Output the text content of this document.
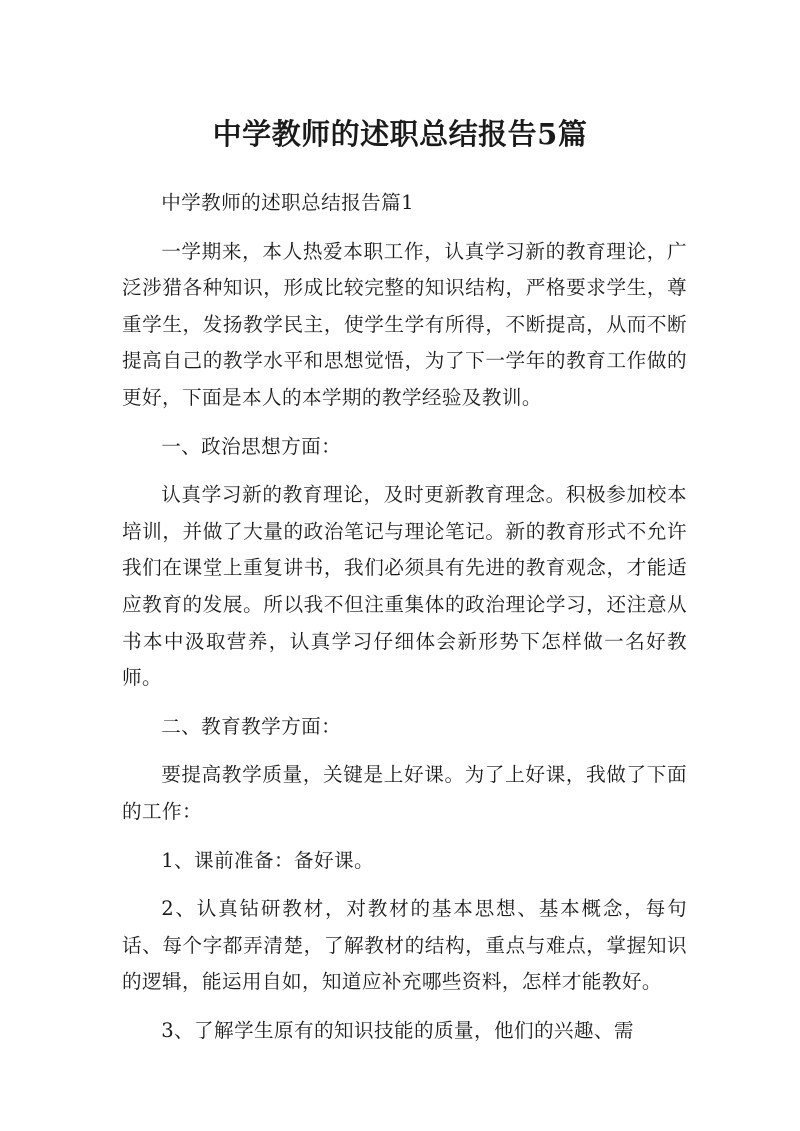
中学教师的述职总结报告5篇

中学教师的述职总结报告篇1

一学期来，本人热爱本职工作，认真学习新的教育理论，广泛涉猎各种知识，形成比较完整的知识结构，严格要求学生，尊重学生，发扬教学民主，使学生学有所得，不断提高，从而不断提高自己的教学水平和思想觉悟，为了下一学年的教育工作做的更好，下面是本人的本学期的教学经验及教训。

一、政治思想方面：

认真学习新的教育理论，及时更新教育理念。积极参加校本培训，并做了大量的政治笔记与理论笔记。新的教育形式不允许我们在课堂上重复讲书，我们必须具有先进的教育观念，才能适应教育的发展。所以我不但注重集体的政治理论学习，还注意从书本中汲取营养，认真学习仔细体会新形势下怎样做一名好教师。

二、教育教学方面：

要提高教学质量，关键是上好课。为了上好课，我做了下面的工作：

1、课前准备：备好课。

2、认真钻研教材，对教材的基本思想、基本概念，每句话、每个字都弄清楚，了解教材的结构，重点与难点，掌握知识的逻辑，能运用自如，知道应补充哪些资料，怎样才能教好。

3、了解学生原有的知识技能的质量，他们的兴趣、需
